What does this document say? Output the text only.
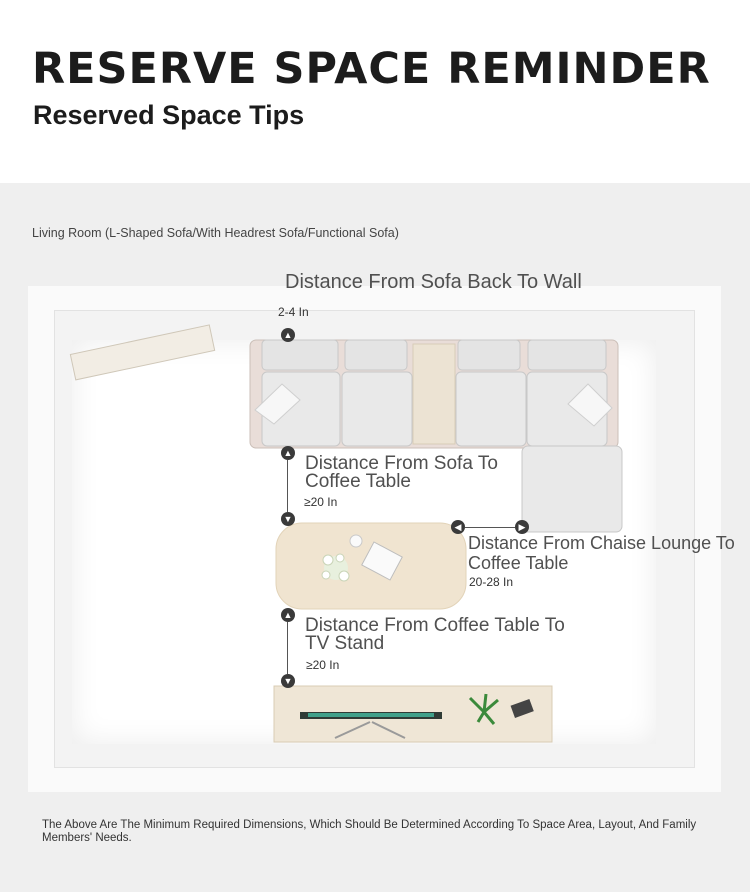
RESERVE SPACE REMINDER
Reserved Space Tips
Living Room (L-Shaped Sofa/With Headrest Sofa/Functional Sofa)
▲
▲
▼
◀	▶
▲
▼
Distance From Sofa Back To Wall
2-4 In
Distance From Sofa To
Coffee Table
≥20 In
Distance From Chaise Lounge To
Coffee Table
20-28 In
Distance From Coffee Table To
TV Stand
≥20 In
The Above Are The Minimum Required Dimensions, Which Should Be Determined According To Space Area, Layout, And Family Members' Needs.
